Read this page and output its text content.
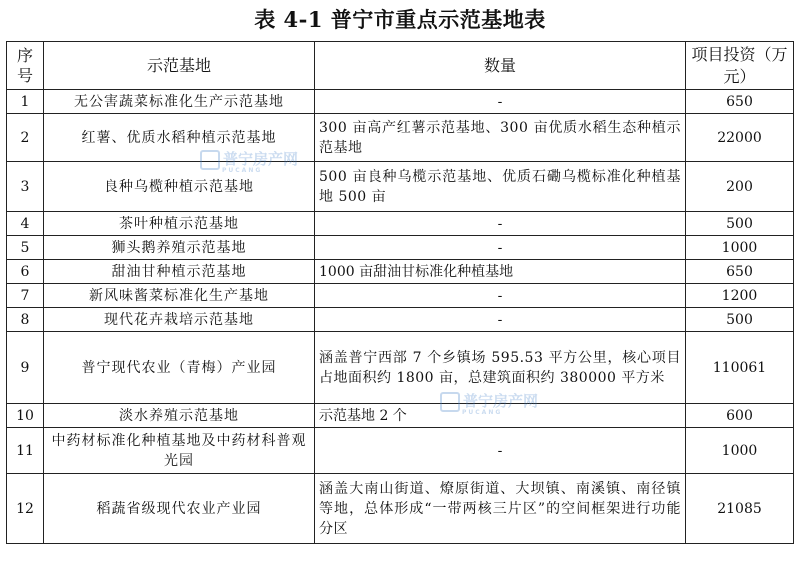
表 4-1 普宁市重点示范基地表
序号	示范基地	数量	项目投资（万元）
1	无公害蔬菜标准化生产示范基地	-	650
2	红薯、优质水稻种植示范基地	300 亩高产红薯示范基地、300 亩优质水稻生态种植示范基地	22000
3	良种乌榄种植示范基地	500 亩良种乌榄示范基地、优质石磡乌榄标准化种植基地 500 亩	200
4	茶叶种植示范基地	-	500
5	狮头鹅养殖示范基地	-	1000
6	甜油甘种植示范基地	1000 亩甜油甘标准化种植基地	650
7	新风味酱菜标准化生产基地	-	1200
8	现代花卉栽培示范基地	-	500
9	普宁现代农业（青梅）产业园	涵盖普宁西部 7 个乡镇场 595.53 平方公里，核心项目占地面积约 1800 亩，总建筑面积约 380000 平方米	110061
10	淡水养殖示范基地	示范基地 2 个	600
11	中药材标准化种植基地及中药材科普观光园	-	1000
12	稻蔬省级现代农业产业园	涵盖大南山街道、燎原街道、大坝镇、南溪镇、南径镇等地，总体形成“一带两核三片区”的空间框架进行功能分区	21085
普宁房产网
PUCANG
普宁房产网
PUCANG
